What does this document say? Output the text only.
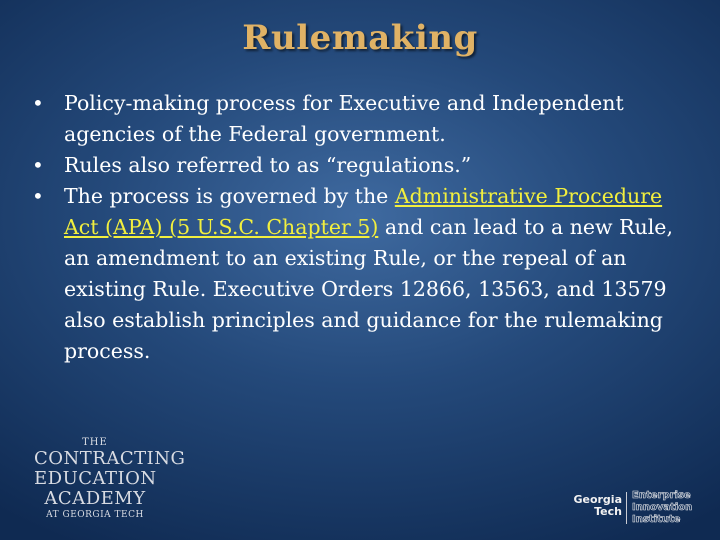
Rulemaking
• Policy-making process for Executive and Independent agencies of the Federal government.
• Rules also referred to as “regulations.”
• The process is governed by the Administrative Procedure Act (APA) (5 U.S.C. Chapter 5) and can lead to a new Rule, an amendment to an existing Rule, or the repeal of an existing Rule. Executive Orders 12866, 13563, and 13579 also establish principles and guidance for the rulemaking process.
THE
CONTRACTING
EDUCATION
ACADEMY
AT GEORGIA TECH
Georgia
Tech
Enterprise
Innovation
Institute
